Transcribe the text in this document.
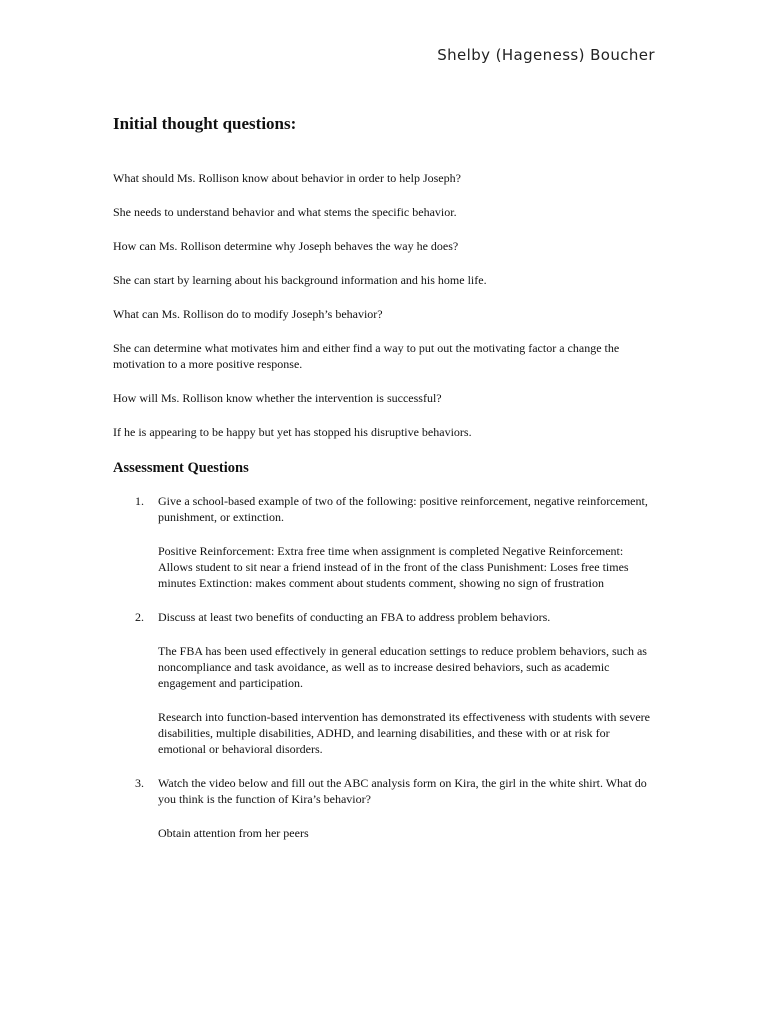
Shelby (Hageness) Boucher
Initial thought questions:

What should Ms. Rollison know about behavior in order to help Joseph?

She needs to understand behavior and what stems the specific behavior.

How can Ms. Rollison determine why Joseph behaves the way he does?

She can start by learning about his background information and his home life.

What can Ms. Rollison do to modify Joseph’s behavior?

She can determine what motivates him and either find a way to put out the motivating factor a change the motivation to a more positive response.

How will Ms. Rollison know whether the intervention is successful?

If he is appearing to be happy but yet has stopped his disruptive behaviors.

Assessment Questions
1. Give a school-based example of two of the following: positive reinforcement, negative reinforcement, punishment, or extinction.

Positive Reinforcement: Extra free time when assignment is completed Negative Reinforcement: Allows student to sit near a friend instead of in the front of the class Punishment: Loses free times minutes Extinction: makes comment about students comment, showing no sign of frustration

2. Discuss at least two benefits of conducting an FBA to address problem behaviors.

The FBA has been used effectively in general education settings to reduce problem behaviors, such as noncompliance and task avoidance, as well as to increase desired behaviors, such as academic engagement and participation.

Research into function-based intervention has demonstrated its effectiveness with students with severe disabilities, multiple disabilities, ADHD, and learning disabilities, and these with or at risk for emotional or behavioral disorders.

3. Watch the video below and fill out the ABC analysis form on Kira, the girl in the white shirt. What do you think is the function of Kira’s behavior?

Obtain attention from her peers
